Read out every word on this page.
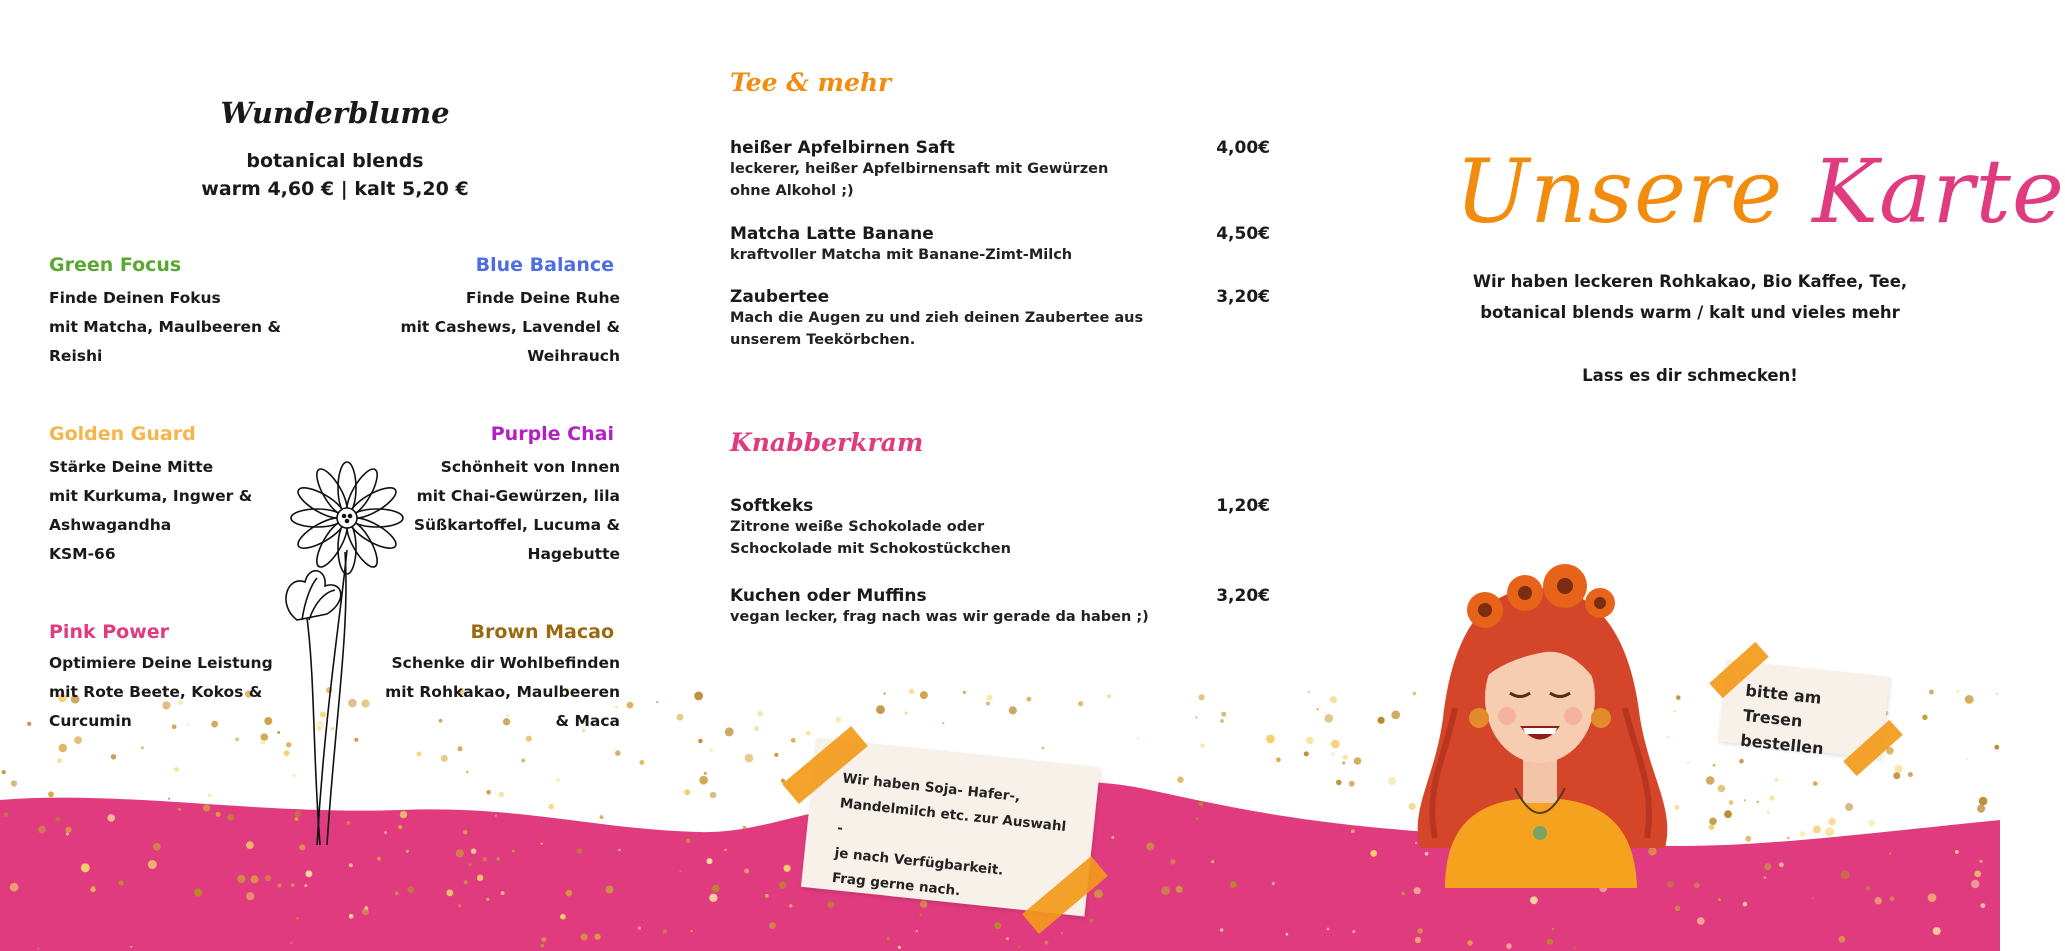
Wunderblume
botanical blends
warm 4,60 € | kalt 5,20 €
Green Focus
Finde Deinen Fokus
mit Matcha, Maulbeeren &
Reishi
Blue Balance
Finde Deine Ruhe
mit Cashews, Lavendel &
Weihrauch
Golden Guard
Stärke Deine Mitte
mit Kurkuma, Ingwer &
Ashwagandha
KSM-66
Purple Chai
Schönheit von Innen
mit Chai-Gewürzen, lila
Süßkartoffel, Lucuma &
Hagebutte
Pink Power
Optimiere Deine Leistung
mit Rote Beete, Kokos &
Curcumin
Brown Macao
Schenke dir Wohlbefinden
mit Rohkakao, Maulbeeren
& Maca
Tee & mehr
heißer Apfelbirnen Saft	4,00€
leckerer, heißer Apfelbirnensaft mit Gewürzen
ohne Alkohol ;)
Matcha Latte Banane	4,50€
kraftvoller Matcha mit Banane-Zimt-Milch
Zaubertee	3,20€
Mach die Augen zu und zieh deinen Zaubertee aus
unserem Teekörbchen.
Knabberkram
Softkeks	1,20€
Zitrone weiße Schokolade oder
Schockolade mit Schokostückchen
Kuchen oder Muffins	3,20€
vegan lecker, frag nach was wir gerade da haben ;)
Wir haben Soja- Hafer-,
Mandelmilch etc. zur Auswahl -
je nach Verfügbarkeit.
Frag gerne nach.
Unsere Karte
Wir haben leckeren Rohkakao, Bio Kaffee, Tee,
botanical blends warm / kalt und vieles mehr
Lass es dir schmecken!
bitte am Tresen
bestellen
